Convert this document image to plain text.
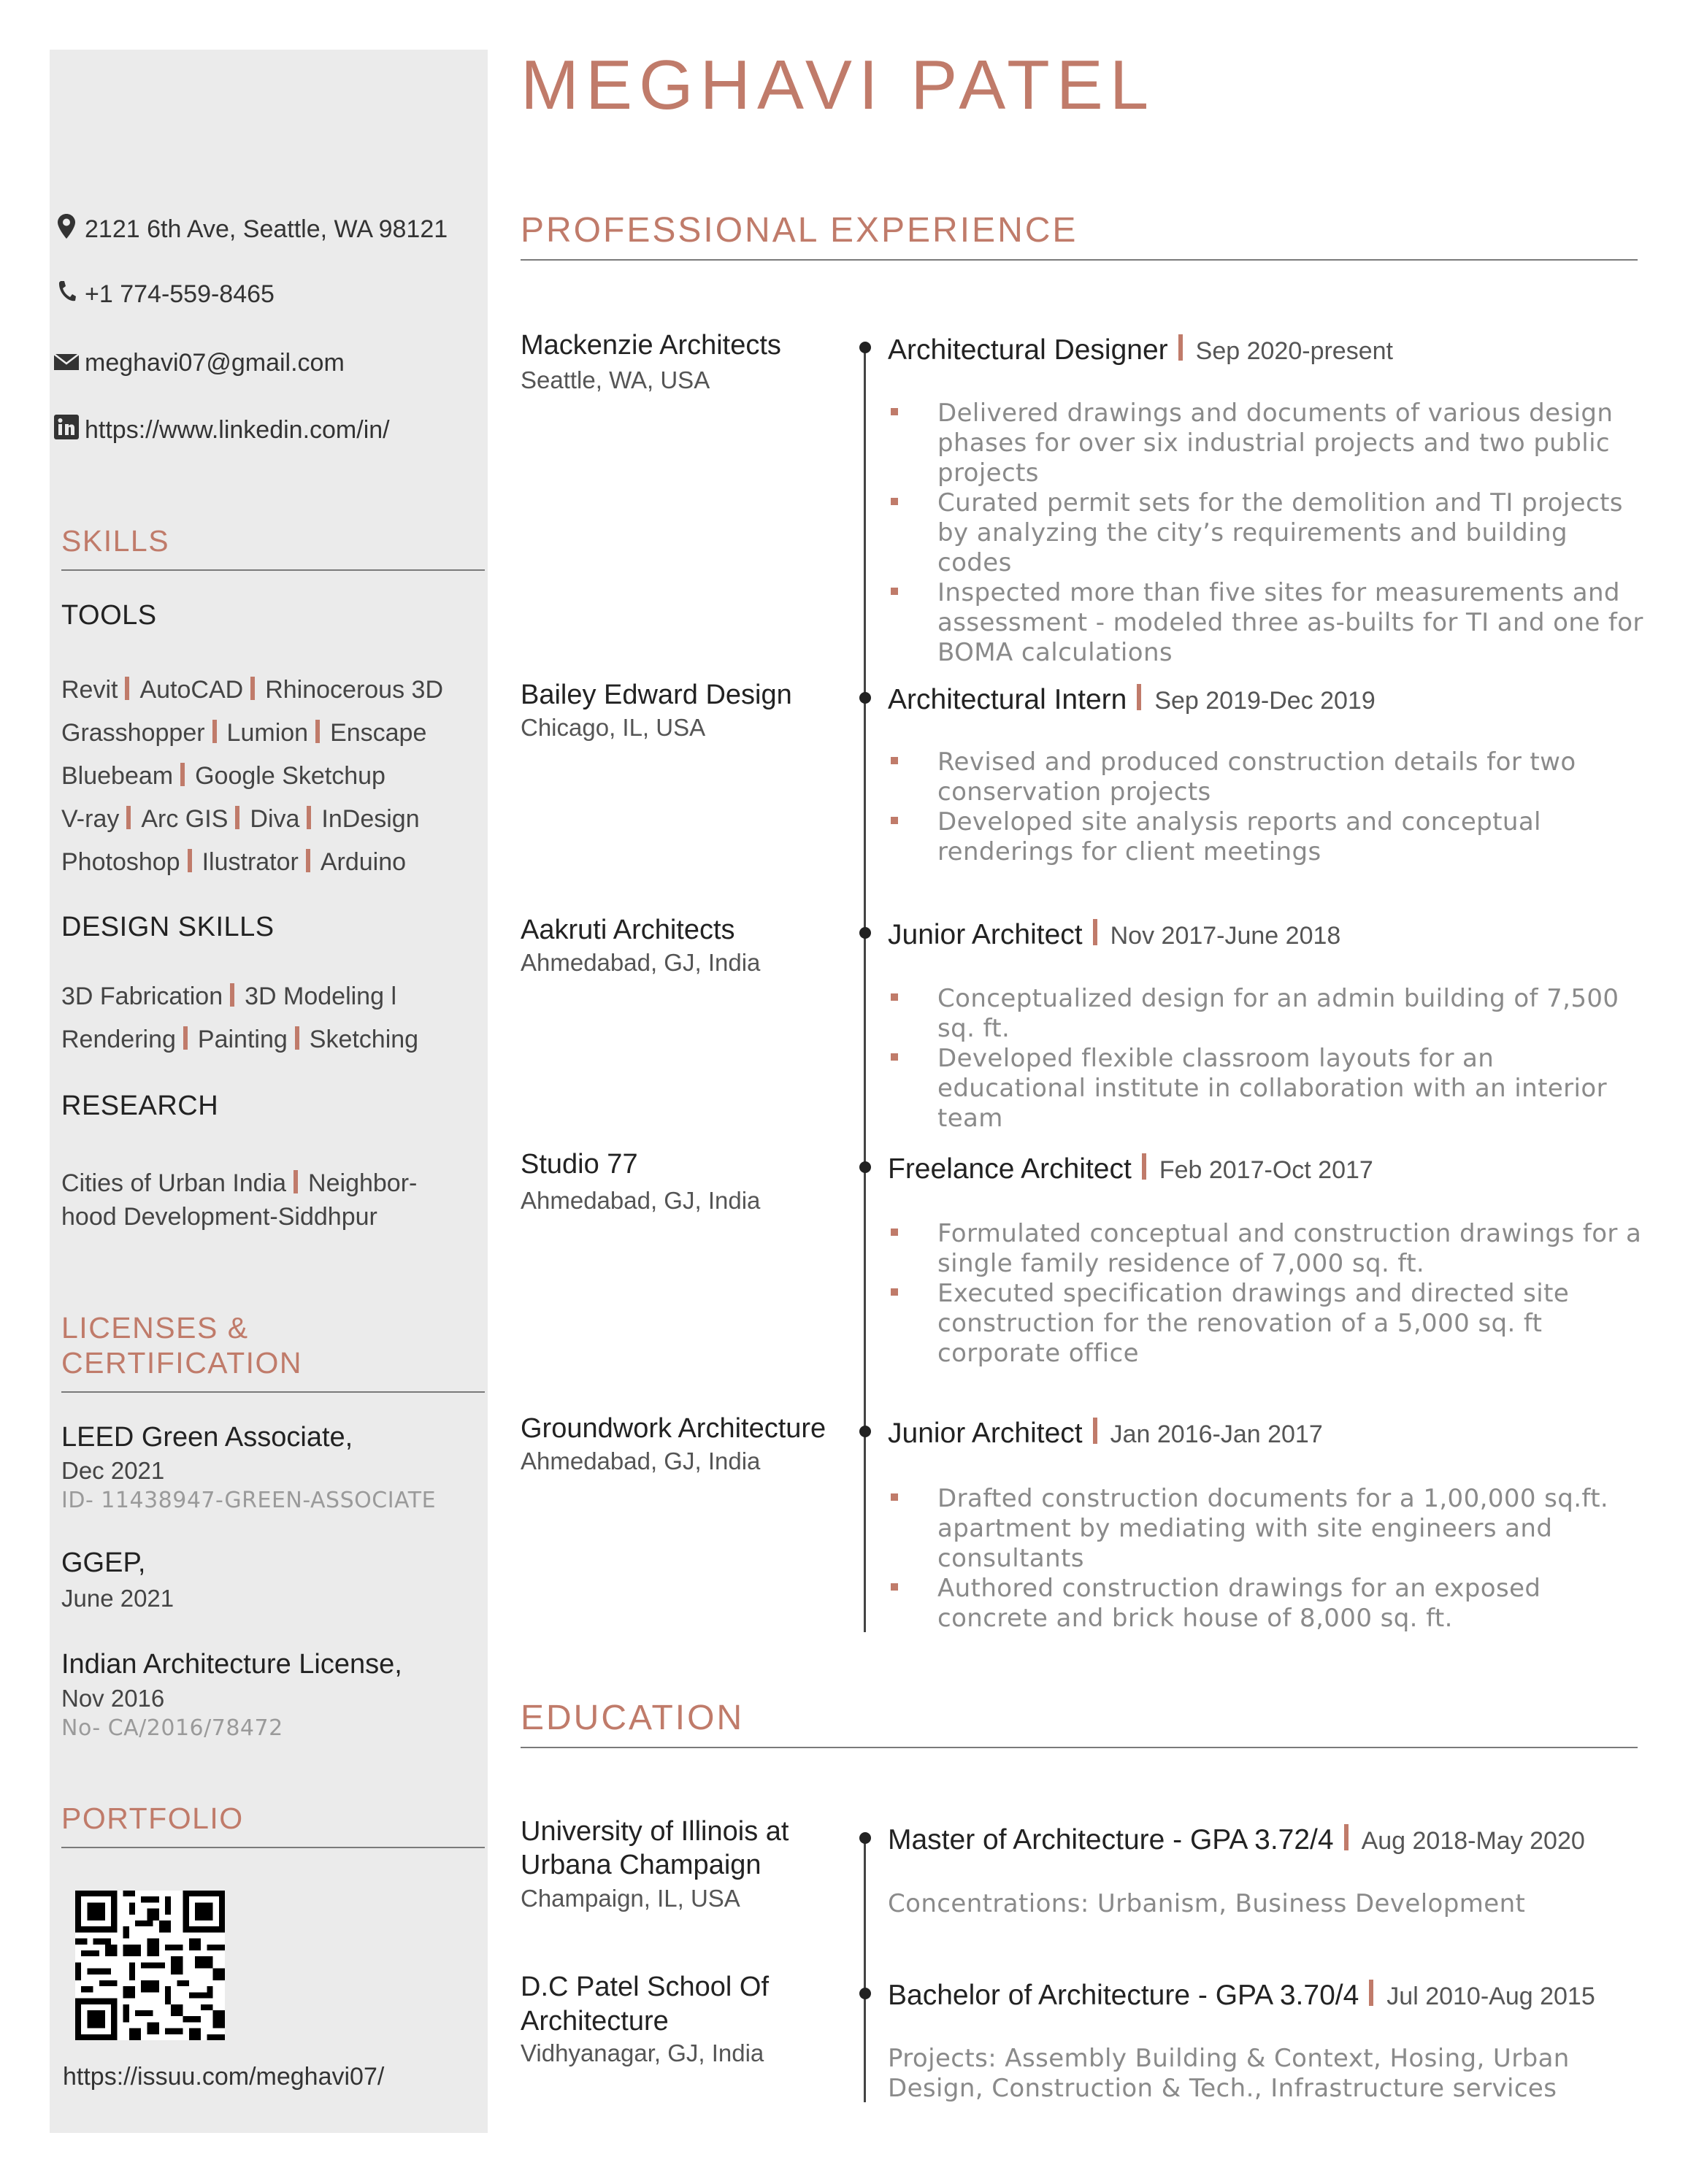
MEGHAVI PATEL
2121 6th Ave, Seattle, WA 98121
+1 774-559-8465
meghavi07@gmail.com
https://www.linkedin.com/in/
SKILLS
TOOLS
Revit AutoCAD Rhinocerous 3D
Grasshopper Lumion Enscape
Bluebeam Google Sketchup
V-ray Arc GIS Diva InDesign
Photoshop Ilustrator Arduino
DESIGN SKILLS
3D Fabrication 3D Modeling l
Rendering Painting Sketching
RESEARCH
Cities of Urban India Neighbor-
hood Development-Siddhpur
LICENSES &
CERTIFICATION
LEED Green Associate,
Dec 2021
ID- 11438947-GREEN-ASSOCIATE
GGEP,
June 2021
Indian Architecture License,
Nov 2016
No- CA/2016/78472
PORTFOLIO
https://issuu.com/meghavi07/
PROFESSIONAL EXPERIENCE
Mackenzie Architects
Seattle, WA, USA
Architectural Designer Sep 2020-present
Delivered drawings and documents of various design phases for over six industrial projects and two public projects
Curated permit sets for the demolition and TI projects by analyzing the city’s requirements and building codes
Inspected more than five sites for measurements and assessment - modeled three as-builts for TI and one for BOMA calculations
Bailey Edward Design
Chicago, IL, USA
Architectural Intern Sep 2019-Dec 2019
Revised and produced construction details for two conservation projects
Developed site analysis reports and conceptual renderings for client meetings
Aakruti Architects
Ahmedabad, GJ, India
Junior Architect Nov 2017-June 2018
Conceptualized design for an admin building of 7,500 sq. ft.
Developed flexible classroom layouts for an educational institute in collaboration with an interior team
Studio 77
Ahmedabad, GJ, India
Freelance Architect Feb 2017-Oct 2017
Formulated conceptual and construction drawings for a single family residence of 7,000 sq. ft.
Executed specification drawings and directed site construction for the renovation of a 5,000 sq. ft corporate office
Groundwork Architecture
Ahmedabad, GJ, India
Junior Architect Jan 2016-Jan 2017
Drafted construction documents for a 1,00,000 sq.ft. apartment by mediating with site engineers and consultants
Authored construction drawings for an exposed concrete and brick house of 8,000 sq. ft.
EDUCATION
University of Illinois at
Urbana Champaign
Champaign, IL, USA
Master of Architecture - GPA 3.72/4 Aug 2018-May 2020
Concentrations: Urbanism, Business Development
D.C Patel School Of
Architecture
Vidhyanagar, GJ, India
Bachelor of Architecture - GPA 3.70/4 Jul 2010-Aug 2015
Projects: Assembly Building & Context, Hosing, Urban Design, Construction & Tech., Infrastructure services
